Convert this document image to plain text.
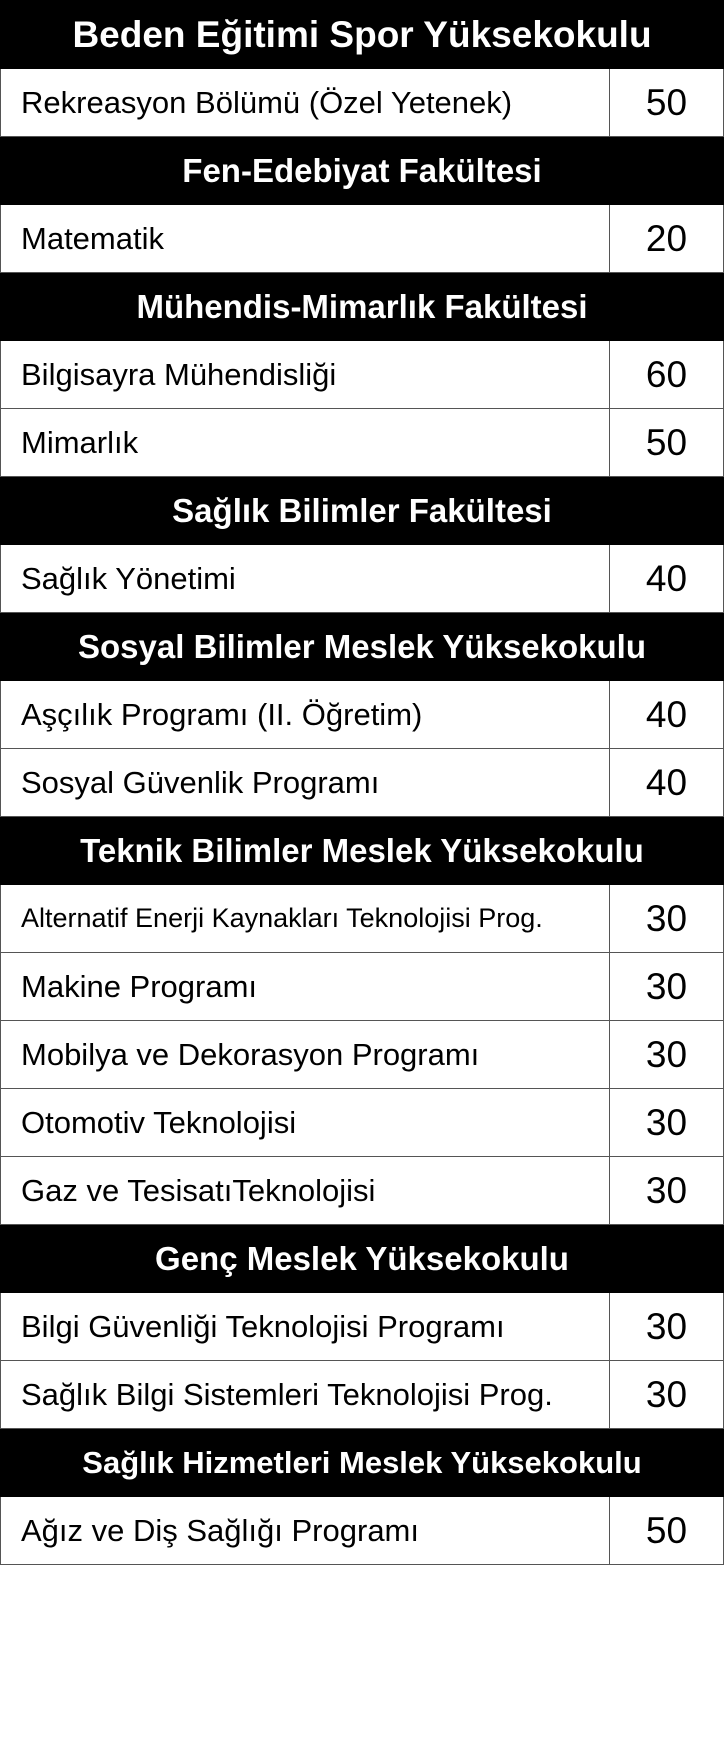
Beden Eğitimi Spor Yüksekokulu
Rekreasyon Bölümü (Özel Yetenek)	50
Fen-Edebiyat Fakültesi
Matematik	20
Mühendis-Mimarlık Fakültesi
Bilgisayra Mühendisliği	60
Mimarlık	50
Sağlık Bilimler Fakültesi
Sağlık Yönetimi	40
Sosyal Bilimler Meslek Yüksekokulu
Aşçılık Programı (II. Öğretim)	40
Sosyal Güvenlik Programı	40
Teknik Bilimler Meslek Yüksekokulu
Alternatif Enerji Kaynakları Teknolojisi Prog.	30
Makine Programı	30
Mobilya ve Dekorasyon Programı	30
Otomotiv Teknolojisi	30
Gaz ve TesisatıTeknolojisi	30
Genç Meslek Yüksekokulu
Bilgi Güvenliği Teknolojisi Programı	30
Sağlık Bilgi Sistemleri Teknolojisi Prog.	30
Sağlık Hizmetleri Meslek Yüksekokulu
Ağız ve Diş Sağlığı Programı	50
